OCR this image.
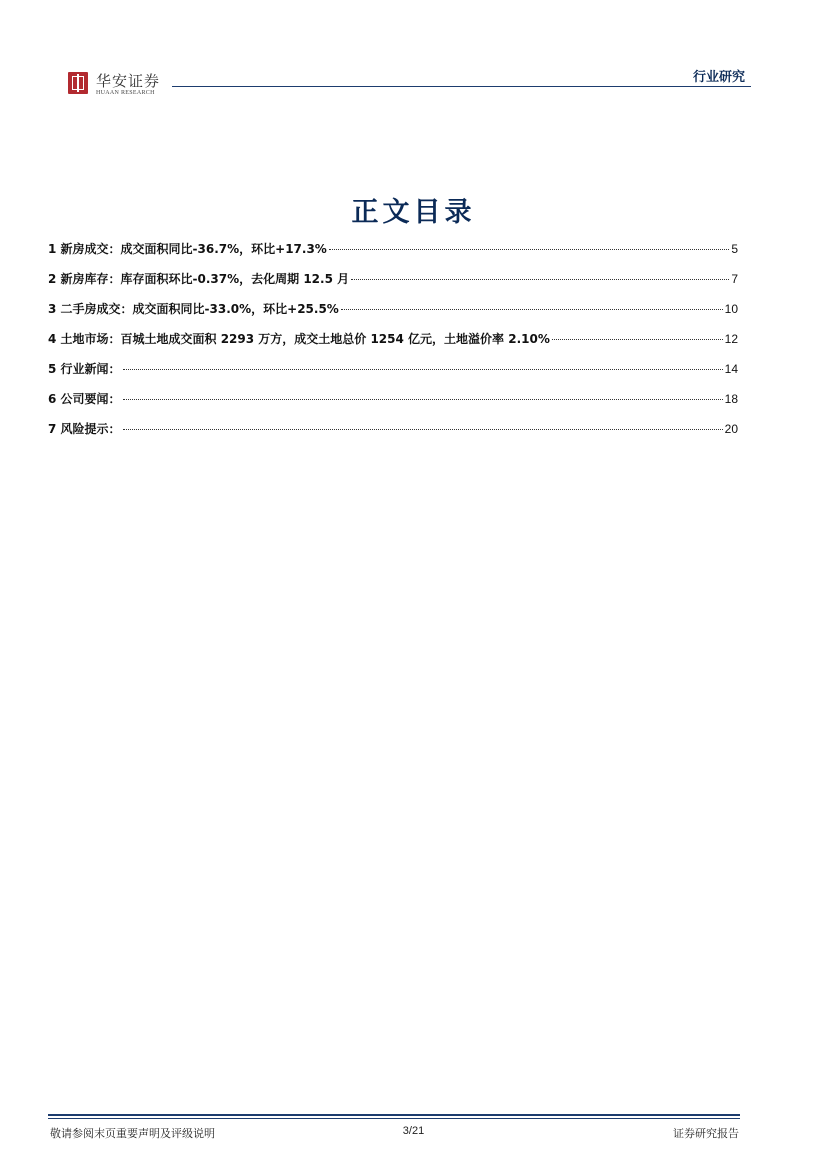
华安证券
HUAAN RESEARCH
行业研究
正文目录
1 新房成交：成交面积同比-36.7%，环比+17.3%	5
2 新房库存：库存面积环比-0.37%，去化周期 12.5 月	7
3 二手房成交：成交面积同比-33.0%，环比+25.5%	10
4 土地市场：百城土地成交面积 2293 万方，成交土地总价 1254 亿元，土地溢价率 2.10%	12
5 行业新闻：	14
6 公司要闻：	18
7 风险提示：	20
敬请参阅末页重要声明及评级说明	3/21	证券研究报告
